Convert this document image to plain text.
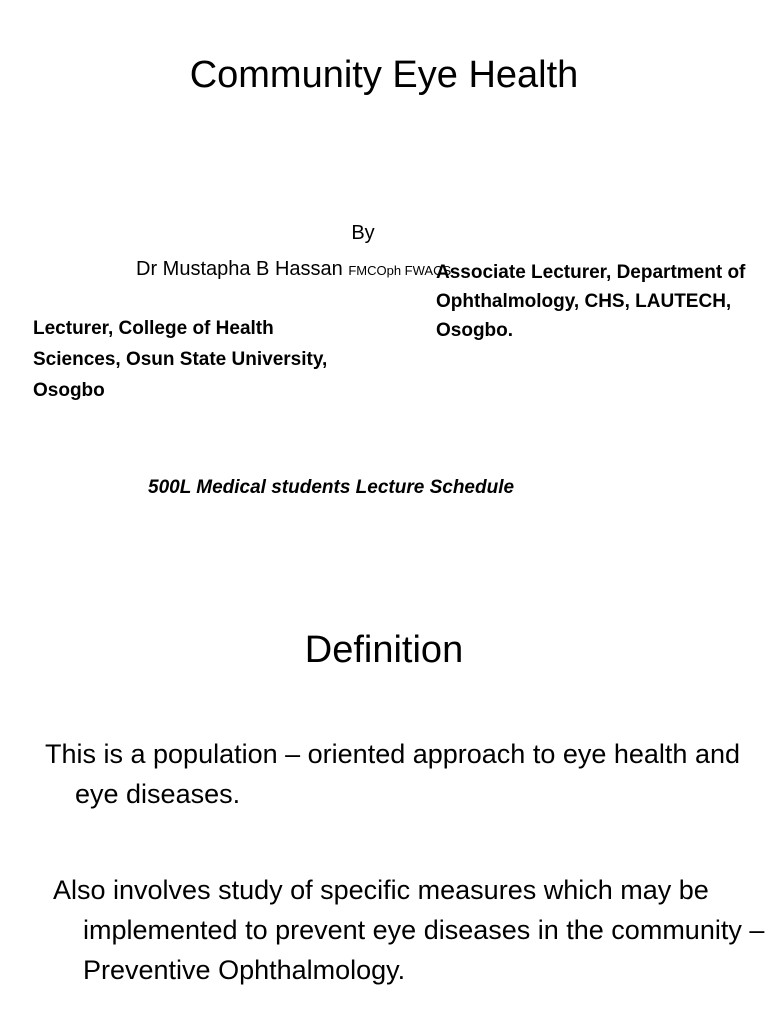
Community Eye Health
By
Dr Mustapha B Hassan FMCOph FWACS
Associate Lecturer, Department of Ophthalmology, CHS, LAUTECH, Osogbo.
Lecturer, College of Health Sciences, Osun State University, Osogbo
500L Medical students Lecture Schedule
Definition
This is a population – oriented approach to eye health and eye diseases.
Also involves study of specific measures which may be implemented to prevent eye diseases in the community – Preventive Ophthalmology.
